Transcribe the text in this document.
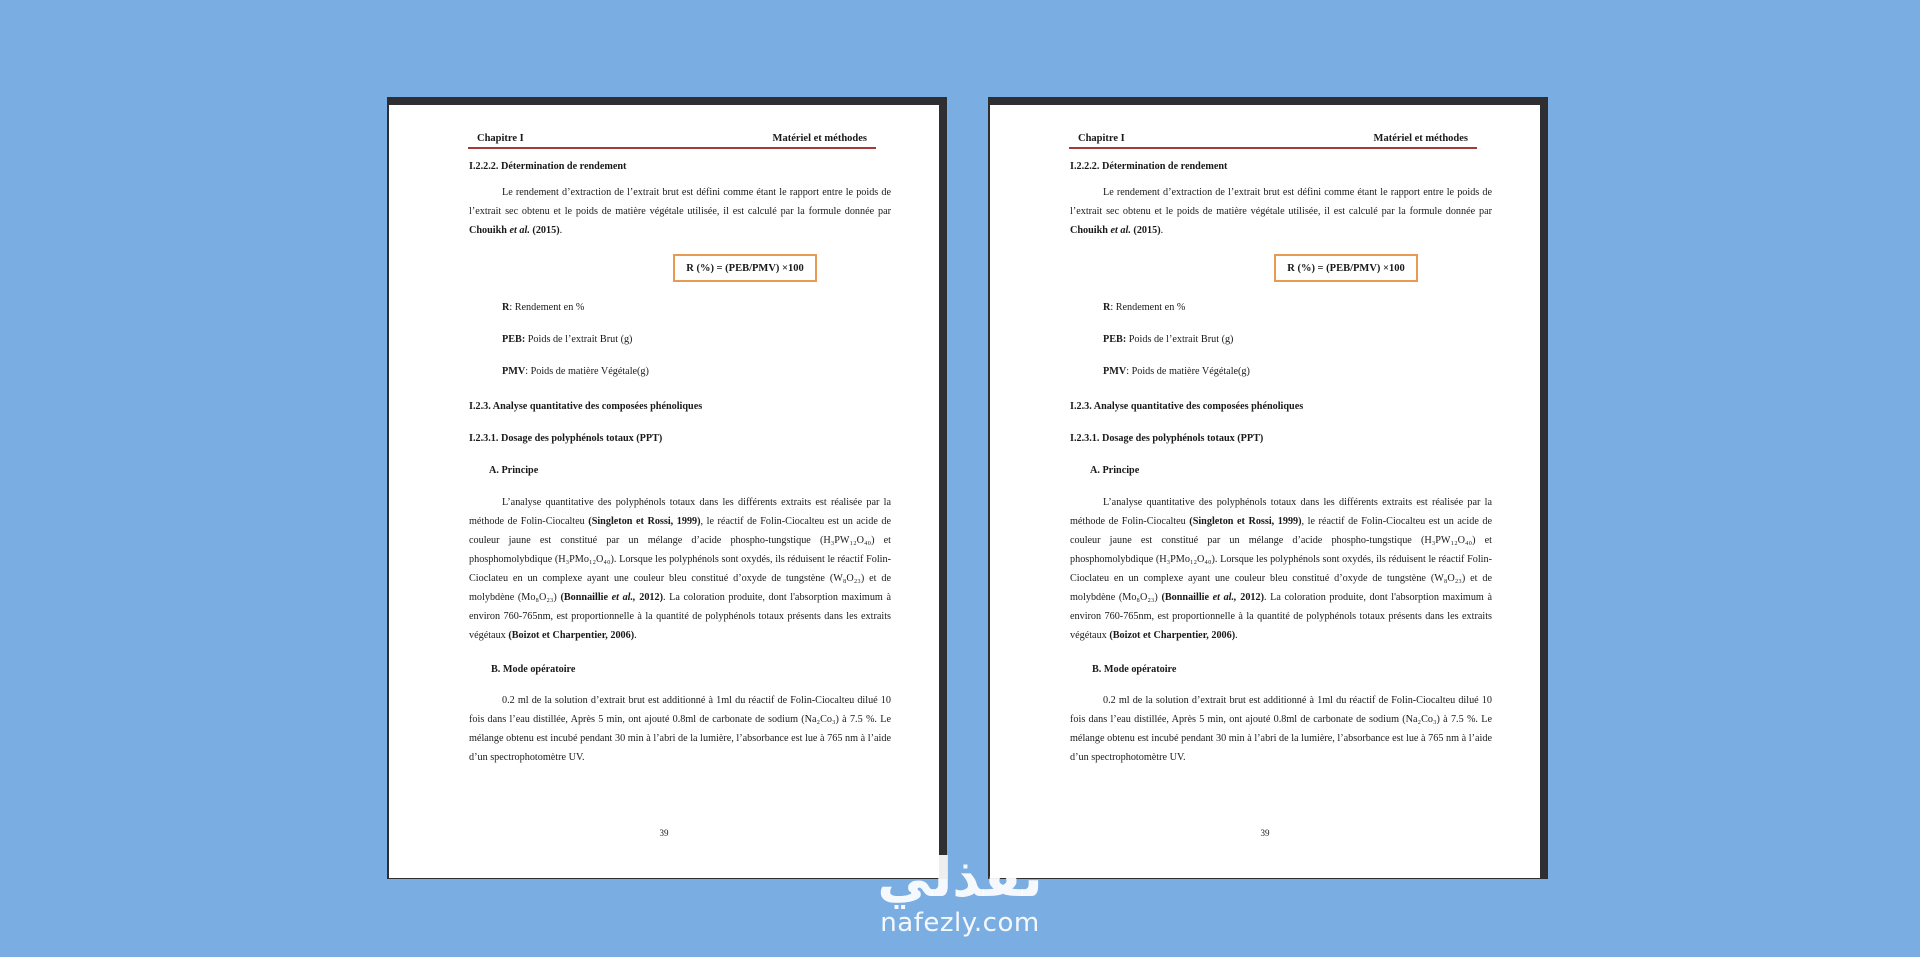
Chapitre I	Matériel et méthodes
I.2.2.2. Détermination de rendement
Le rendement d’extraction de l’extrait brut est défini comme étant le rapport entre le poids de l’extrait sec obtenu et le poids de matière végétale utilisée, il est calculé par la formule donnée par Chouikh et al. (2015).
R (%) = (PEB/PMV) ×100
R: Rendement en %
PEB: Poids de l’extrait Brut (g)
PMV: Poids de matière Végétale(g)
I.2.3. Analyse quantitative des composées phénoliques
I.2.3.1. Dosage des polyphénols totaux (PPT)
A. Principe
L’analyse quantitative des polyphénols totaux dans les différents extraits est réalisée par la méthode de Folin-Ciocalteu (Singleton et Rossi, 1999), le réactif de Folin-Ciocalteu est un acide de couleur jaune est constitué par un mélange d’acide phospho-tungstique (H₃PW₁₂O₄₀) et phosphomolybdique (H₃PMo₁₂O₄₀). Lorsque les polyphénols sont oxydés, ils réduisent le réactif Folin-Cioclateu en un complexe ayant une couleur bleu constitué d’oxyde de tungstène (W₈O₂₃) et de molybdène (Mo₈O₂₃) (Bonnaillie et al., 2012). La coloration produite, dont l'absorption maximum à environ 760-765nm, est proportionnelle à la quantité de polyphénols totaux présents dans les extraits végétaux (Boizot et Charpentier, 2006).
B. Mode opératoire
0.2 ml de la solution d’extrait brut est additionné à 1ml du réactif de Folin-Ciocalteu dilué 10 fois dans l’eau distillée, Après 5 min, ont ajouté 0.8ml de carbonate de sodium (Na₂Co₃) à 7.5 %. Le mélange obtenu est incubé pendant 30 min à l’abri de la lumière, l’absorbance est lue à 765 nm à l’aide d’un spectrophotomètre UV.
39
Chapitre I	Matériel et méthodes
I.2.2.2. Détermination de rendement
Le rendement d’extraction de l’extrait brut est défini comme étant le rapport entre le poids de l’extrait sec obtenu et le poids de matière végétale utilisée, il est calculé par la formule donnée par Chouikh et al. (2015).
R (%) = (PEB/PMV) ×100
R: Rendement en %
PEB: Poids de l’extrait Brut (g)
PMV: Poids de matière Végétale(g)
I.2.3. Analyse quantitative des composées phénoliques
I.2.3.1. Dosage des polyphénols totaux (PPT)
A. Principe
L’analyse quantitative des polyphénols totaux dans les différents extraits est réalisée par la méthode de Folin-Ciocalteu (Singleton et Rossi, 1999), le réactif de Folin-Ciocalteu est un acide de couleur jaune est constitué par un mélange d’acide phospho-tungstique (H₃PW₁₂O₄₀) et phosphomolybdique (H₃PMo₁₂O₄₀). Lorsque les polyphénols sont oxydés, ils réduisent le réactif Folin-Cioclateu en un complexe ayant une couleur bleu constitué d’oxyde de tungstène (W₈O₂₃) et de molybdène (Mo₈O₂₃) (Bonnaillie et al., 2012). La coloration produite, dont l'absorption maximum à environ 760-765nm, est proportionnelle à la quantité de polyphénols totaux présents dans les extraits végétaux (Boizot et Charpentier, 2006).
B. Mode opératoire
0.2 ml de la solution d’extrait brut est additionné à 1ml du réactif de Folin-Ciocalteu dilué 10 fois dans l’eau distillée, Après 5 min, ont ajouté 0.8ml de carbonate de sodium (Na₂Co₃) à 7.5 %. Le mélange obtenu est incubé pendant 30 min à l’abri de la lumière, l’absorbance est lue à 765 nm à l’aide d’un spectrophotomètre UV.
39
نفذلي
nafezly.com
